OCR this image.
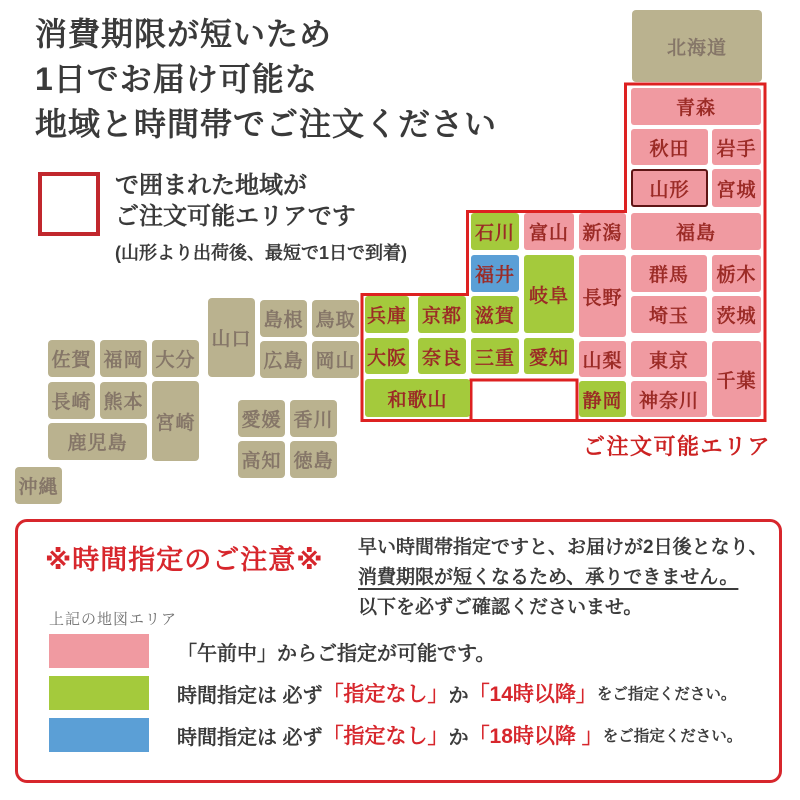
消費期限が短いため
1日でお届け可能な
地域と時間帯でご注文ください
で囲まれた地域が
ご注文可能エリアです
(山形より出荷後、最短で1日で到着)
北海道
青森
秋田	岩手
山形	宮城
石川 富山 新潟	福島
福井
岐阜 長野
群馬	栃木
兵庫 京都 滋賀	埼玉	茨城
大阪 奈良 三重 愛知 山梨	東京
千葉
和歌山	静岡 神奈川
山口
島根 鳥取
広島 岡山
佐賀 福岡 大分
長崎 熊本
宮崎
鹿児島
愛媛 香川
高知 徳島
沖縄
ご注文可能エリア
※時間指定のご注意※ 早い時間帯指定ですと、お届けが2日後となり、
消費期限が短くなるため、承りできません。
以下を必ずご確認くださいませ。
上記の地図エリア
「午前中」からご指定が可能です。
時間指定は 必ず 「指定なし」 か 「14時以降」 をご指定ください。
時間指定は 必ず 「指定なし」 か 「18時以降 」 をご指定ください。
